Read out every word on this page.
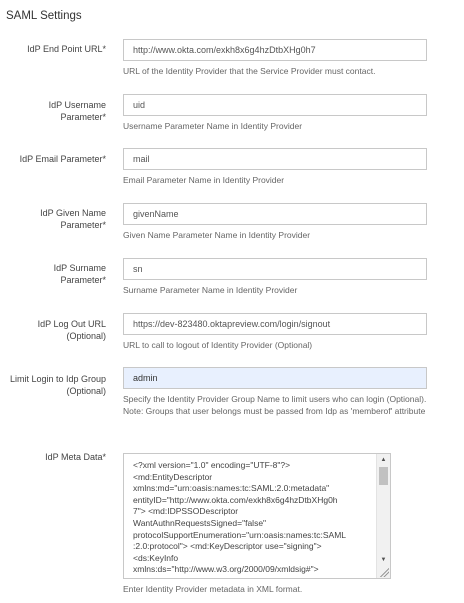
SAML Settings
IdP End Point URL*	http://www.okta.com/exkh8x6g4hzDtbXHg0h7
URL of the Identity Provider that the Service Provider must contact.
IdP Username Parameter*
uid
Username Parameter Name in Identity Provider
IdP Email Parameter*	mail
Email Parameter Name in Identity Provider
IdP Given Name Parameter*
givenName
Given Name Parameter Name in Identity Provider
IdP Surname Parameter*
sn
Surname Parameter Name in Identity Provider
IdP Log Out URL (Optional)
https://dev-823480.oktapreview.com/login/signout
URL to call to logout of Identity Provider (Optional)
Limit Login to Idp Group (Optional)
admin
Specify the Identity Provider Group Name to limit users who can login (Optional). Note: Groups that user belongs must be passed from Idp as 'memberof' attribute
IdP Meta Data*
<?xml version="1.0" encoding="UTF-8"?>
<md:EntityDescriptor
xmlns:md="urn:oasis:names:tc:SAML:2.0:metadata"
entityID="http://www.okta.com/exkh8x6g4hzDtbXHg0h
7"> <md:IDPSSODescriptor
WantAuthnRequestsSigned="false"
protocolSupportEnumeration="urn:oasis:names:tc:SAML
:2.0:protocol"> <md:KeyDescriptor use="signing">
<ds:KeyInfo
xmlns:ds="http://www.w3.org/2000/09/xmldsig#">
▲
▼
Enter Identity Provider metadata in XML format.
